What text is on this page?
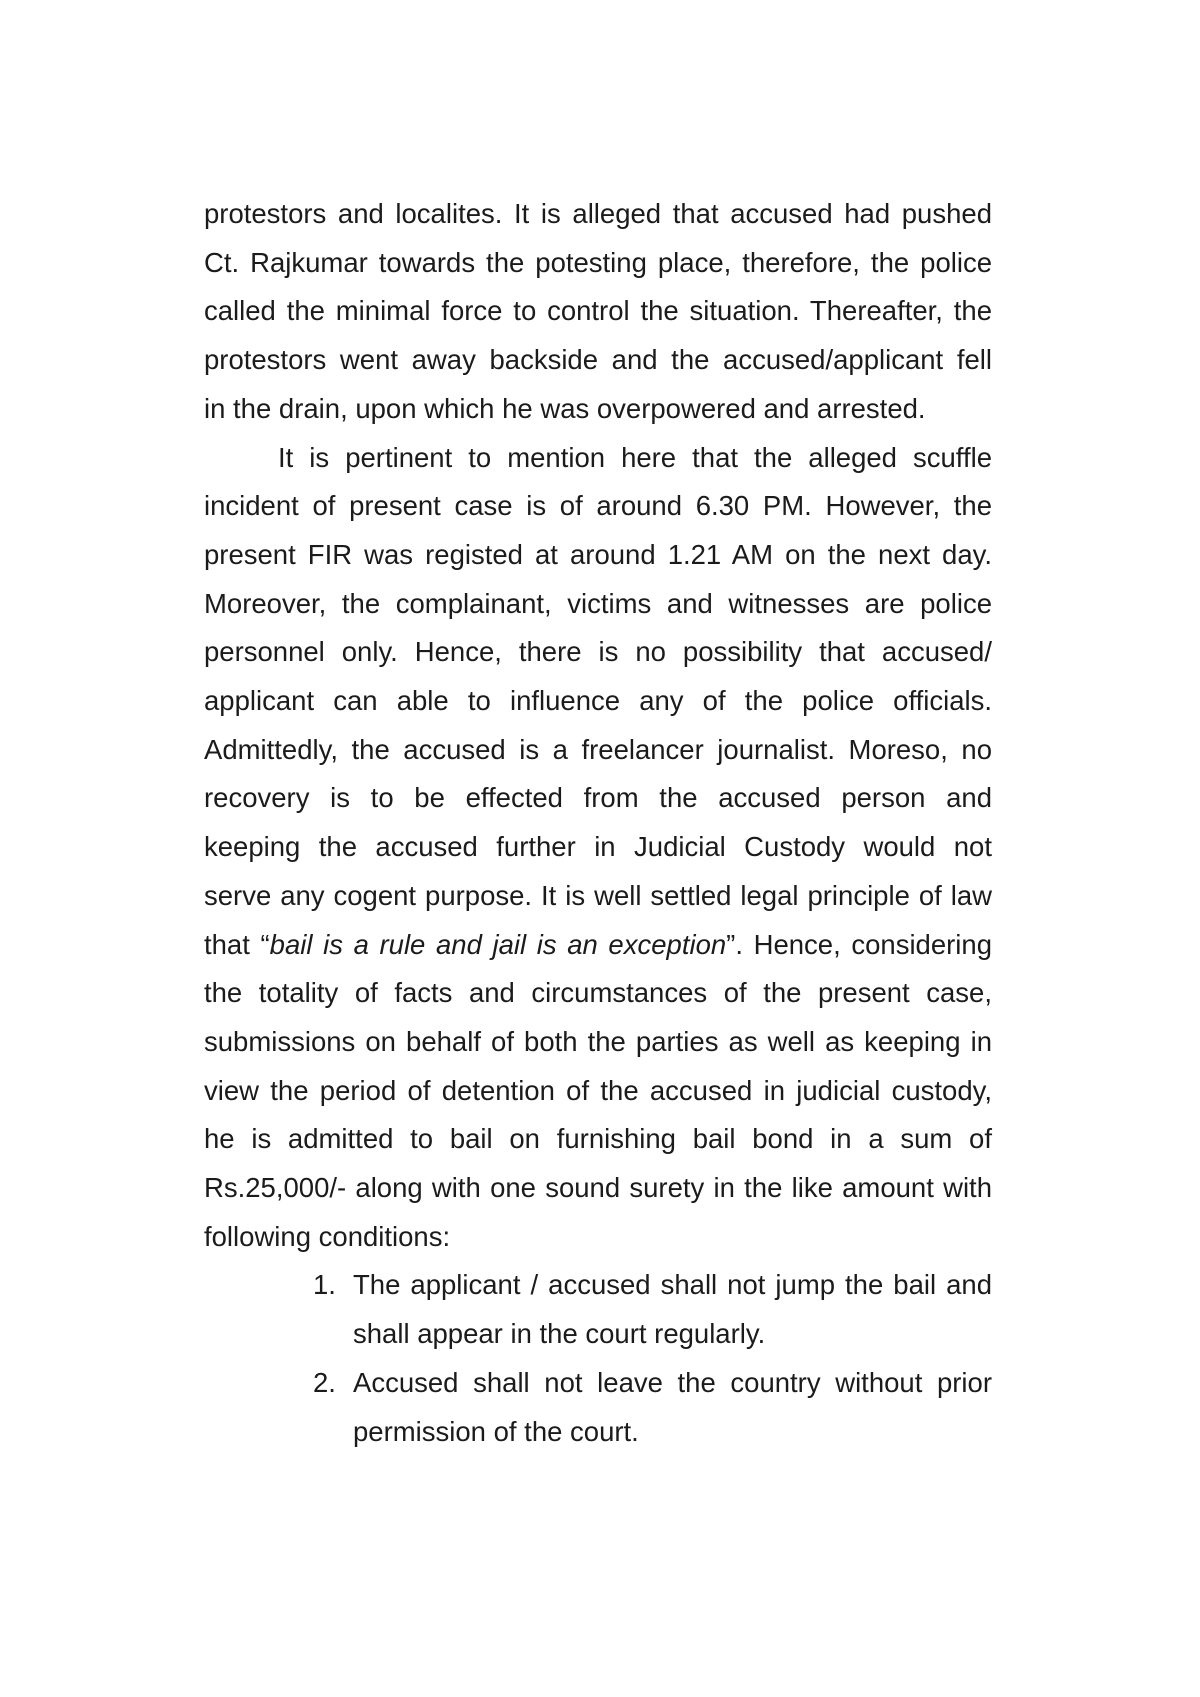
protestors and localites. It is alleged that accused had pushed
Ct. Rajkumar towards the potesting place, therefore, the police
called the minimal force to control the situation. Thereafter, the
protestors went away backside and the accused/applicant fell
in the drain, upon which he was overpowered and arrested.
It is pertinent to mention here that the alleged scuffle
incident of present case is of around 6.30 PM. However, the
present FIR was registed at around 1.21 AM on the next day.
Moreover, the complainant, victims and witnesses are police
personnel only. Hence, there is no possibility that accused/
applicant can able to influence any of the police officials.
Admittedly, the accused is a freelancer journalist. Moreso, no
recovery is to be effected from the accused person and
keeping the accused further in Judicial Custody would not
serve any cogent purpose. It is well settled legal principle of law
that “bail is a rule and jail is an exception”. Hence, considering
the totality of facts and circumstances of the present case,
submissions on behalf of both the parties as well as keeping in
view the period of detention of the accused in judicial custody,
he is admitted to bail on furnishing bail bond in a sum of
Rs.25,000/- along with one sound surety in the like amount with
following conditions:
1. The applicant / accused shall not jump the bail and
shall appear in the court regularly.
2. Accused shall not leave the country without prior
permission of the court.
